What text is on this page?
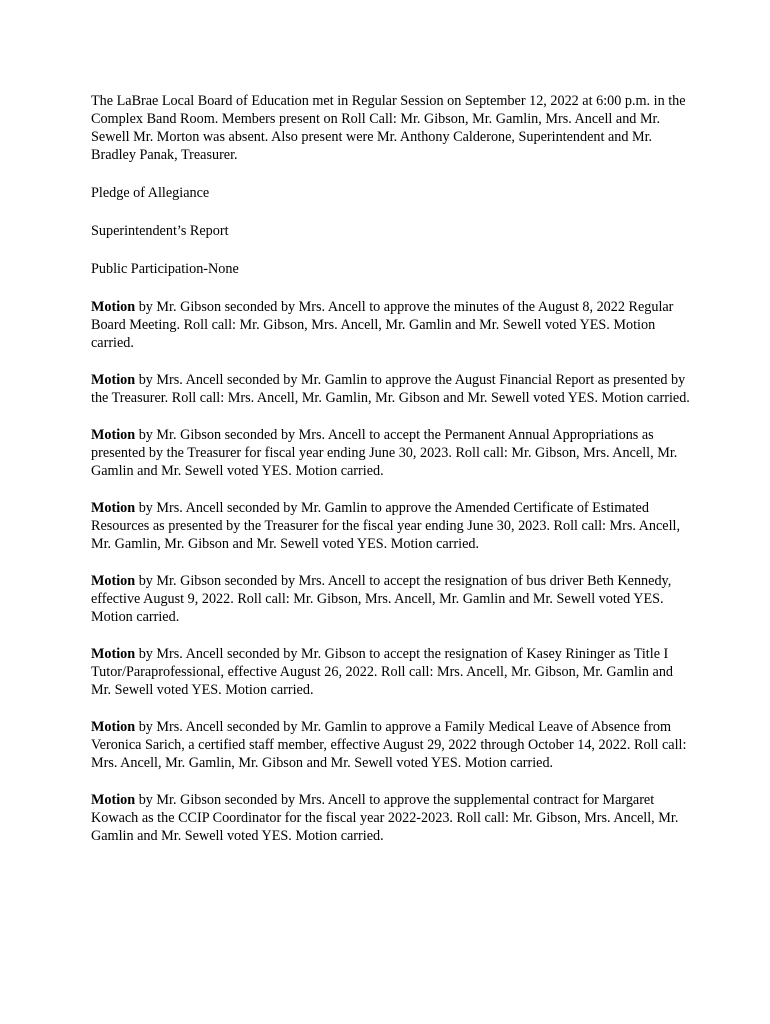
The LaBrae Local Board of Education met in Regular Session on September 12, 2022 at 6:00 p.m. in the Complex Band Room. Members present on Roll Call: Mr. Gibson, Mr. Gamlin, Mrs. Ancell and Mr. Sewell Mr. Morton was absent. Also present were Mr. Anthony Calderone, Superintendent and Mr. Bradley Panak, Treasurer.

Pledge of Allegiance

Superintendent’s Report

Public Participation-None

Motion by Mr. Gibson seconded by Mrs. Ancell to approve the minutes of the August 8, 2022 Regular Board Meeting. Roll call: Mr. Gibson, Mrs. Ancell, Mr. Gamlin and Mr. Sewell voted YES. Motion carried.

Motion by Mrs. Ancell seconded by Mr. Gamlin to approve the August Financial Report as presented by the Treasurer. Roll call: Mrs. Ancell, Mr. Gamlin, Mr. Gibson and Mr. Sewell voted YES. Motion carried.

Motion by Mr. Gibson seconded by Mrs. Ancell to accept the Permanent Annual Appropriations as presented by the Treasurer for fiscal year ending June 30, 2023. Roll call: Mr. Gibson, Mrs. Ancell, Mr. Gamlin and Mr. Sewell voted YES. Motion carried.

Motion by Mrs. Ancell seconded by Mr. Gamlin to approve the Amended Certificate of Estimated Resources as presented by the Treasurer for the fiscal year ending June 30, 2023. Roll call: Mrs. Ancell, Mr. Gamlin, Mr. Gibson and Mr. Sewell voted YES. Motion carried.

Motion by Mr. Gibson seconded by Mrs. Ancell to accept the resignation of bus driver Beth Kennedy, effective August 9, 2022. Roll call: Mr. Gibson, Mrs. Ancell, Mr. Gamlin and Mr. Sewell voted YES. Motion carried.

Motion by Mrs. Ancell seconded by Mr. Gibson to accept the resignation of Kasey Rininger as Title I Tutor/Paraprofessional, effective August 26, 2022. Roll call: Mrs. Ancell, Mr. Gibson, Mr. Gamlin and Mr. Sewell voted YES. Motion carried.

Motion by Mrs. Ancell seconded by Mr. Gamlin to approve a Family Medical Leave of Absence from Veronica Sarich, a certified staff member, effective August 29, 2022 through October 14, 2022. Roll call: Mrs. Ancell, Mr. Gamlin, Mr. Gibson and Mr. Sewell voted YES. Motion carried.

Motion by Mr. Gibson seconded by Mrs. Ancell to approve the supplemental contract for Margaret Kowach as the CCIP Coordinator for the fiscal year 2022-2023. Roll call: Mr. Gibson, Mrs. Ancell, Mr. Gamlin and Mr. Sewell voted YES. Motion carried.
